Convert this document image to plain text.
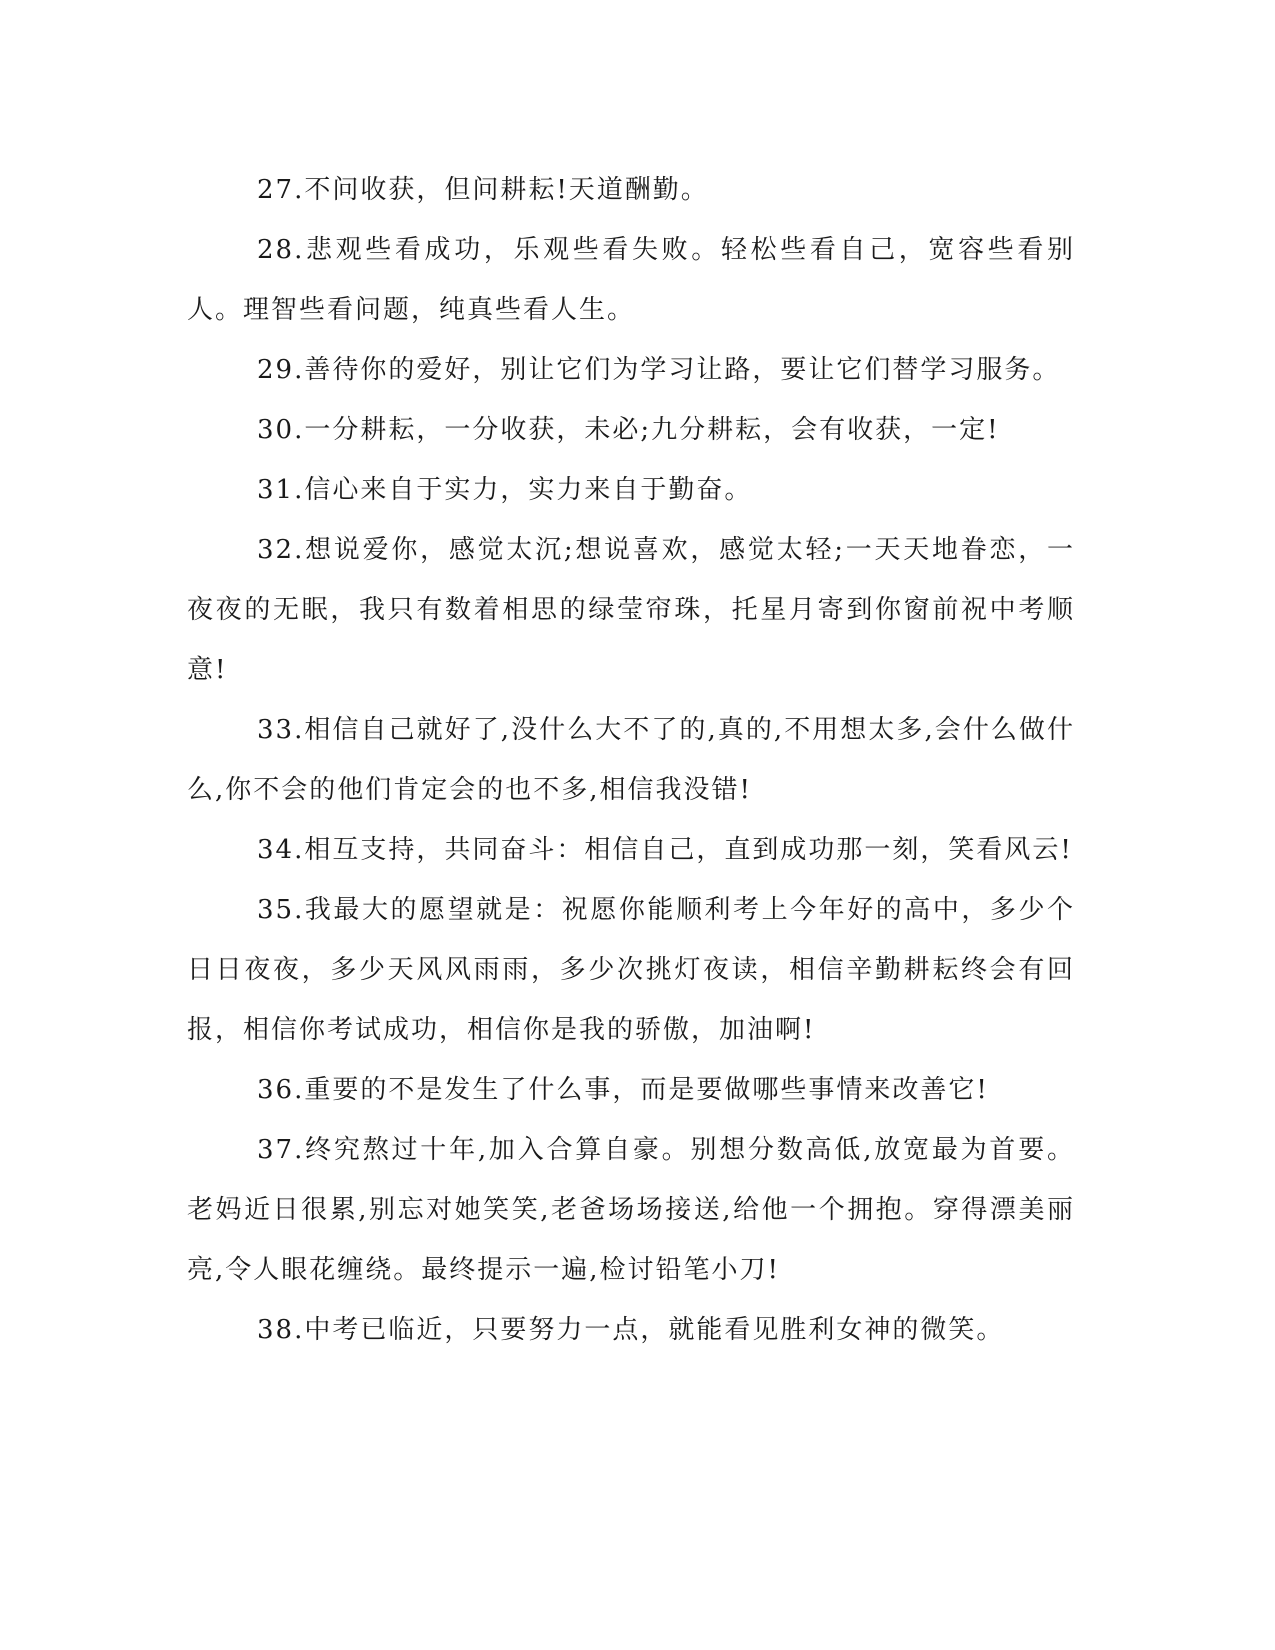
27.不问收获，但问耕耘!天道酬勤。

28.悲观些看成功，乐观些看失败。轻松些看自己，宽容些看别人。理智些看问题，纯真些看人生。

29.善待你的爱好，别让它们为学习让路，要让它们替学习服务。

30.一分耕耘，一分收获，未必;九分耕耘，会有收获，一定!

31.信心来自于实力，实力来自于勤奋。

32.想说爱你，感觉太沉;想说喜欢，感觉太轻;一天天地眷恋，一夜夜的无眠，我只有数着相思的绿莹帘珠，托星月寄到你窗前祝中考顺意!

33.相信自己就好了,没什么大不了的,真的,不用想太多,会什么做什么,你不会的他们肯定会的也不多,相信我没错!

34.相互支持，共同奋斗：相信自己，直到成功那一刻，笑看风云!

35.我最大的愿望就是：祝愿你能顺利考上今年好的高中，多少个日日夜夜，多少天风风雨雨，多少次挑灯夜读，相信辛勤耕耘终会有回报，相信你考试成功，相信你是我的骄傲，加油啊!

36.重要的不是发生了什么事，而是要做哪些事情来改善它!

37.终究熬过十年,加入合算自豪。别想分数高低,放宽最为首要。老妈近日很累,别忘对她笑笑,老爸场场接送,给他一个拥抱。穿得漂美丽亮,令人眼花缠绕。最终提示一遍,检讨铅笔小刀!

38.中考已临近，只要努力一点，就能看见胜利女神的微笑。
